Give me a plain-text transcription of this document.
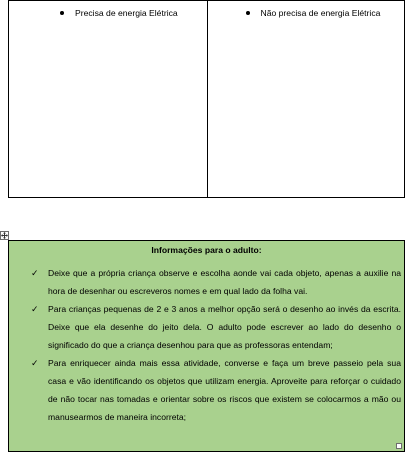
Precisa de energia Elétrica	Não precisa de energia Elétrica
Informações para o adulto:
✓	Deixe que a própria criança observe e escolha aonde vai cada objeto, apenas a auxilie na hora de desenhar ou escreveros nomes e em qual lado da folha vai.
✓	Para crianças pequenas de 2 e 3 anos a melhor opção será o desenho ao invés da escrita. Deixe que ela desenhe do jeito dela. O adulto pode escrever ao lado do desenho o significado do que a criança desenhou para que as professoras entendam;
✓	Para enriquecer ainda mais essa atividade, converse e faça um breve passeio pela sua casa e vão identificando os objetos que utilizam energia. Aproveite para reforçar o cuidado de não tocar nas tomadas e orientar sobre os riscos que existem se colocarmos a mão ou manusearmos de maneira incorreta;
